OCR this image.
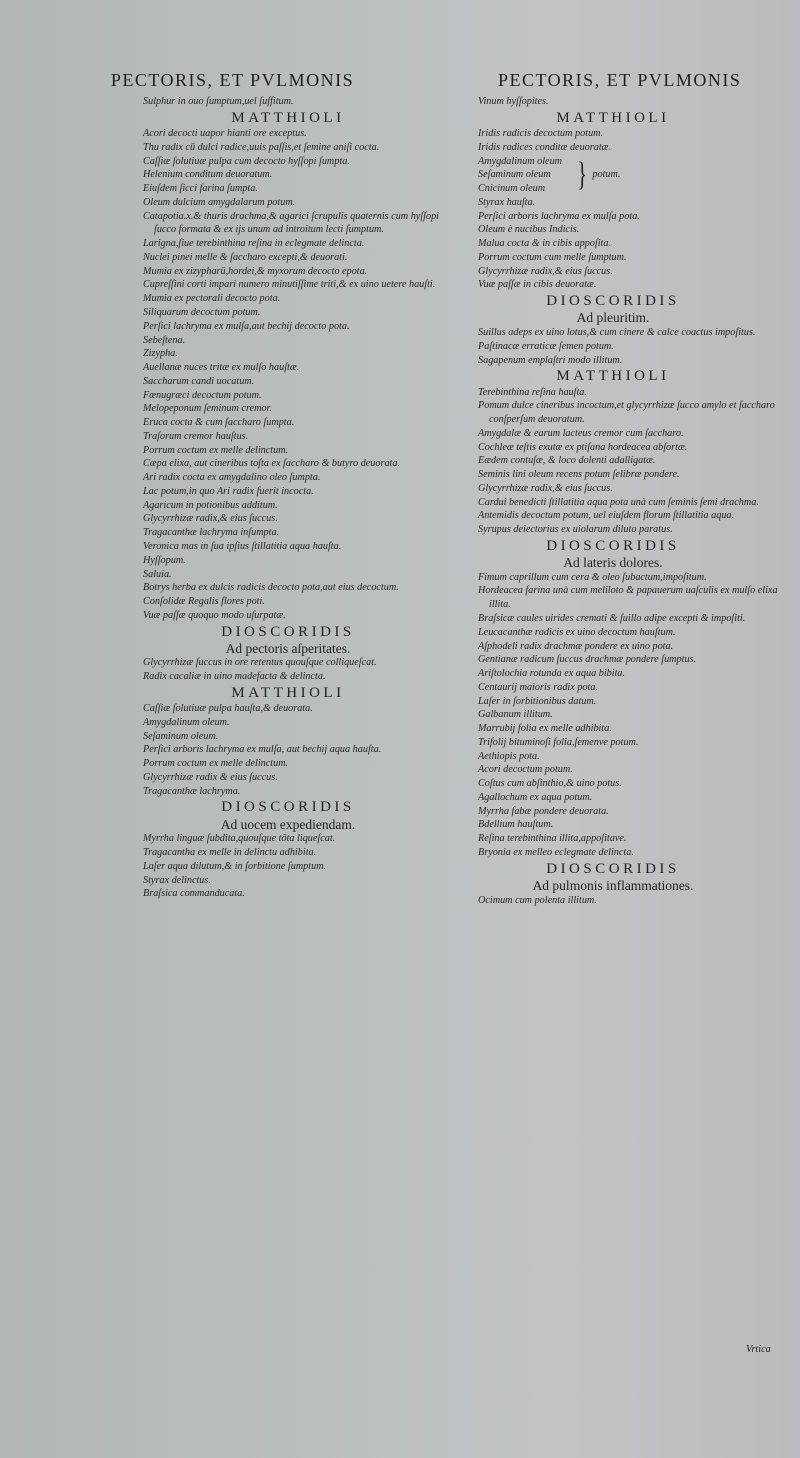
PECTORIS, ET PVLMONIS	PECTORIS, ET PVLMONIS
Sulphur in ouo ſumptum,uel ſuffitum.
MATTHIOLI
Acori decocti uapor hianti ore exceptus.
Thu radix cū dulci radice,uuis paſſis,et ſemine aniſi cocta.
Caſſiæ ſolutiuæ pulpa cum decocto hyſſopi ſumpta.
Helenium conditum deuoratum.
Eiuſdem ſicci farina ſumpta.
Oleum dulcium amygdalarum potum.
Catapotia.x.& thuris drachma,& agarici ſcrupulis quaternis cum hyſſopi ſucco formata & ex ijs unum ad introitum lecti ſumptum.
Larigna,ſiue terebinthina reſina in eclegmate delincta.
Nuclei pinei melle & ſaccharo excepti,& deuorati.
Mumia ex zizypharū,hordei,& myxorum decocto epota.
Cupreſſini corti impari numero minutiſſime triti,& ex uino uetere hauſti.
Mumia ex pectorali decocto pota.
Siliquarum decoctum potum.
Perſici lachryma ex mulſa,aut bechij decocto pota.
Sebeſtena.
Zizypha.
Auellanæ nuces tritæ ex mulſo hauſtæ.
Saccharum candi uocatum.
Fœnugræci decoctum potum.
Melopeponum ſeminum cremor.
Eruca cocta & cum ſaccharo ſumpta.
Traſorum cremor hauſtus.
Porrum coctum ex melle delinctum.
Cæpa elixa, aut cineribus toſta ex ſaccharo & butyro deuorata.
Ari radix cocta ex amygdalino oleo ſumpta.
Lac potum,in quo Ari radix fuerit incocta.
Agaricum in potionibus additum.
Glycyrrhizæ radix,& eius ſuccus.
Tragacanthæ lachryma inſumpta.
Veronica mas in ſua ipſius ſtillatitia aqua hauſta.
Hyſſopum.
Saluia.
Botrys herba ex dulcis radicis decocto pota,aut eius decoctum.
Conſolidæ Regalis flores poti.
Vuæ paſſæ quoquo modo uſurpatæ.
DIOSCORIDIS
Ad pectoris aſperitates.
Glycyrrhizæ ſuccus in ore retentus quouſque colliqueſcat.
Radix cacaliæ in uino madefacta & delincta.
MATTHIOLI
Caſſiæ ſolutiuæ pulpa hauſta,& deuorata.
Amygdalinum oleum.
Seſaminum oleum.
Perſici arboris lachryma ex mulſa, aut bechij aqua hauſta.
Porrum coctum ex melle delinctum.
Glycyrrhizæ radix & eius ſuccus.
Tragacanthæ lachryma.
DIOSCORIDIS
Ad uocem expediendam.
Myrrha linguæ ſubdita,quouſque tōta liqueſcat.
Tragacantha ex melle in delinctu adhibita.
Laſer aqua dilutum,& in ſorbitione ſumptum.
Styrax delinctus.
Braſsica commanducata.
Vinum hyſſopites.
MATTHIOLI
Iridis radicis decoctum potum.
Iridis radices conditæ deuoratæ.
Amygdalinum oleum
Seſaminum oleum
Cnicinum oleum } potum.
Styrax hauſta.
Perſici arboris lachryma ex mulſa pota.
Oleum è nucibus Indicis.
Malua cocta & in cibis appoſita.
Porrum coctum cum melle ſumptum.
Glycyrrhizæ radix,& eius ſuccus.
Vuæ paſſæ in cibis deuoratæ.
DIOSCORIDIS
Ad pleuritim.
Suillus adeps ex uino lotus,& cum cinere & calce coactus impoſitus.
Paſtinacæ erraticæ ſemen potum.
Sagapenum emplaſtri modo illitum.
MATTHIOLI
Terebinthina reſina hauſta.
Pomum dulce cineribus incoctum,et glycyrrhizæ ſucco amylo et ſaccharo conſperſum deuoratum.
Amygdalæ & earum lacteus cremor cum ſaccharo.
Cochleæ teſtis exutæ ex ptiſana hordeacea abſortæ.
Eædem contuſæ, & loco dolenti adalligatæ.
Seminis lini oleum recens potum ſelibræ pondere.
Glycyrrhizæ radix,& eius ſuccus.
Cardui benedicti ſtillatitia aqua pota unà cum ſeminis ſemi drachma.
Antemidis decoctum potum, uel eiuſdem florum ſtillatitia aqua.
Syrupus deiectorius ex uiolarum diluto paratus.
DIOSCORIDIS
Ad lateris dolores.
Fimum caprillum cum cera & oleo ſubactum,impoſitum.
Hordeacea farina unà cum meliloto & papauerum uaſculis ex mulſo elixa illita.
Braſsicæ caules uirides cremati & ſuillo adipe excepti & impoſiti.
Leucacanthæ radicis ex uino decoctum hauſtum.
Aſphodeli radix drachmæ pondere ex uino pota.
Gentianæ radicum ſuccus drachmæ pondere ſumptus.
Ariſtolochia rotunda ex aqua bibita.
Centaurij maioris radix pota.
Laſer in ſorbitionibus datum.
Galbanum illitum.
Marrubij folia ex melle adhibita.
Trifolij bituminoſi folia,ſemenve potum.
Aethiopis pota.
Acori decoctum potum.
Coſtus cum abſinthio,& uino potus.
Agallochum ex aqua potum.
Myrrha fabæ pondere deuorata.
Bdellium hauſtum.
Reſina terebinthina illita,appoſitave.
Bryonia ex melleo eclegmate delincta.
DIOSCORIDIS
Ad pulmonis inflammationes.
Ocimum cum polenta illitum.
Vrtica
